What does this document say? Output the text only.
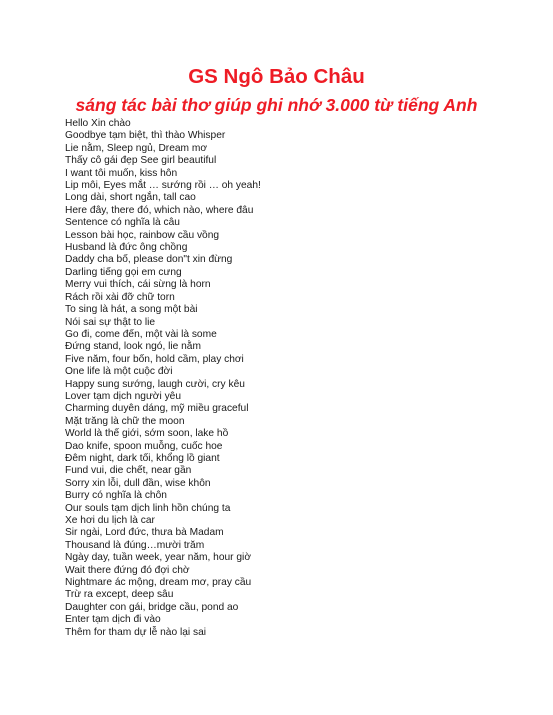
GS Ngô Bảo Châu
sáng tác bài thơ giúp ghi nhớ 3.000 từ tiếng Anh
Hello Xin chào
Goodbye tạm biệt, thì thào Whisper
Lie nằm, Sleep ngủ, Dream mơ
Thấy cô gái đẹp See girl beautiful
I want tôi muốn, kiss hôn
Lip môi, Eyes mắt … sướng rồi … oh yeah!
Long dài, short ngắn, tall cao
Here đây, there đó, which nào, where đâu
Sentence có nghĩa là câu
Lesson bài học, rainbow cầu vồng
Husband là đức ông chồng
Daddy cha bố, please don"t xin đừng
Darling tiếng gọi em cưng
Merry vui thích, cái sừng là horn
Rách rồi xài đỡ chữ torn
To sing là hát, a song một bài
Nói sai sự thật to lie
Go đi, come đến, một vài là some
Đứng stand, look ngó, lie nằm
Five năm, four bốn, hold cầm, play chơi
One life là một cuộc đời
Happy sung sướng, laugh cười, cry kêu
Lover tạm dịch người yêu
Charming duyên dáng, mỹ miều graceful
Mặt trăng là chữ the moon
World là thế giới, sớm soon, lake hồ
Dao knife, spoon muỗng, cuốc hoe
Đêm night, dark tối, khổng lồ giant
Fund vui, die chết, near gần
Sorry xin lỗi, dull đần, wise khôn
Burry có nghĩa là chôn
Our souls tạm dịch linh hồn chúng ta
Xe hơi du lịch là car
Sir ngài, Lord đức, thưa bà Madam
Thousand là đúng…mười trăm
Ngày day, tuần week, year năm, hour giờ
Wait there đứng đó đợi chờ
Nightmare ác mộng, dream mơ, pray cầu
Trừ ra except, deep sâu
Daughter con gái, bridge cầu, pond ao
Enter tạm dịch đi vào
Thêm for tham dự lễ nào lại sai
